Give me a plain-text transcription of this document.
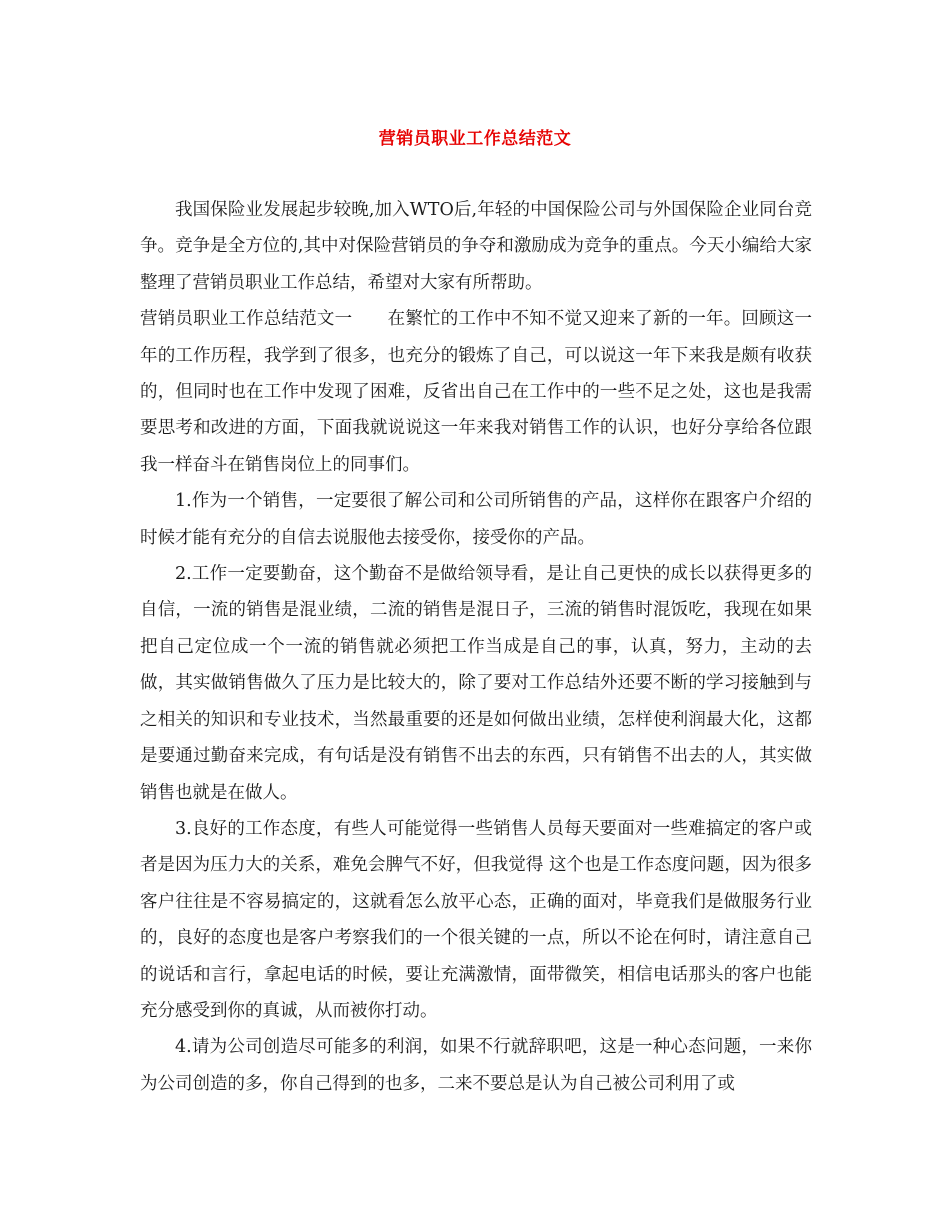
营销员职业工作总结范文

我国保险业发展起步较晚,加入WTO后,年轻的中国保险公司与外国保险企业同台竞争。竞争是全方位的,其中对保险营销员的争夺和激励成为竞争的重点。今天小编给大家整理了营销员职业工作总结，希望对大家有所帮助。

营销员职业工作总结范文一　　在繁忙的工作中不知不觉又迎来了新的一年。回顾这一年的工作历程，我学到了很多，也充分的锻炼了自己，可以说这一年下来我是颇有收获的，但同时也在工作中发现了困难，反省出自己在工作中的一些不足之处，这也是我需要思考和改进的方面，下面我就说说这一年来我对销售工作的认识，也好分享给各位跟我一样奋斗在销售岗位上的同事们。

1.作为一个销售，一定要很了解公司和公司所销售的产品，这样你在跟客户介绍的时候才能有充分的自信去说服他去接受你，接受你的产品。

2.工作一定要勤奋，这个勤奋不是做给领导看，是让自己更快的成长以获得更多的自信，一流的销售是混业绩，二流的销售是混日子，三流的销售时混饭吃，我现在如果把自己定位成一个一流的销售就必须把工作当成是自己的事，认真，努力，主动的去做，其实做销售做久了压力是比较大的，除了要对工作总结外还要不断的学习接触到与之相关的知识和专业技术，当然最重要的还是如何做出业绩，怎样使利润最大化，这都是要通过勤奋来完成，有句话是没有销售不出去的东西，只有销售不出去的人，其实做销售也就是在做人。

3.良好的工作态度，有些人可能觉得一些销售人员每天要面对一些难搞定的客户或者是因为压力大的关系，难免会脾气不好，但我觉得 这个也是工作态度问题，因为很多客户往往是不容易搞定的，这就看怎么放平心态，正确的面对，毕竟我们是做服务行业的，良好的态度也是客户考察我们的一个很关键的一点，所以不论在何时，请注意自己的说话和言行，拿起电话的时候，要让充满激情，面带微笑，相信电话那头的客户也能充分感受到你的真诚，从而被你打动。

4.请为公司创造尽可能多的利润，如果不行就辞职吧，这是一种心态问题，一来你为公司创造的多，你自己得到的也多，二来不要总是认为自己被公司利用了或
